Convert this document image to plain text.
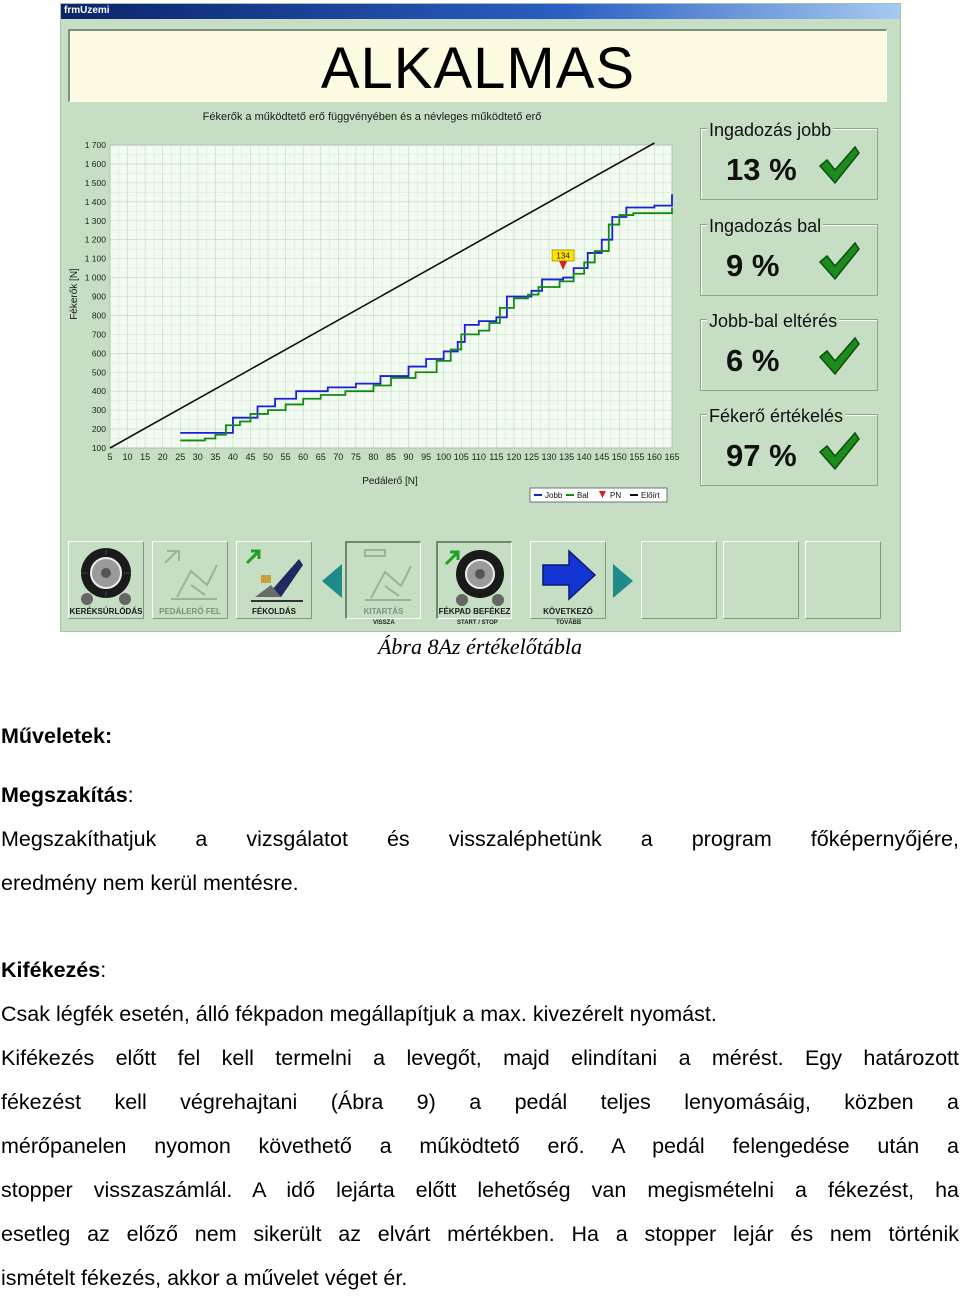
frmUzemi
ALKALMAS
5 10 15 20 25 30 35 40 45 50 55 60 65 70 75 80 85 90 95 100 105 110 115 120 125 130 135 140 145 150 155 160 165
100
200
300
400
500
600
700
800
900
1 000
1 100
1 200
1 300
1 400
1 500
1 600
1 700
Fékerők a működtető erő függvényében és a névleges működtető erő
Pedálerő [N]
Fékerők [N]
Jobb Bal	PN Előírt
134
Ingadozás jobb
13 %
Ingadozás bal
9 %
Jobb-bal eltérés
6 %
Fékerő értékelés
97 %
KERÉKSÚRLÓDÁS	PEDÁLERŐ FEL	FÉKOLDÁS	KITARTÁS
VISSZA
FÉKPAD BEFÉKEZ
START / STOP
KÖVETKEZŐ
TOVÁBB
Ábra 8Az értékelőtábla
Műveletek:
Megszakítás:
Megszakíthatjuk a vizsgálatot és visszaléphetünk a program főképernyőjére,
eredmény nem kerül mentésre.
Kifékezés:
Csak légfék esetén, álló fékpadon megállapítjuk a max. kivezérelt nyomást.
Kifékezés előtt fel kell termelni a levegőt, majd elindítani a mérést. Egy határozott
fékezést kell végrehajtani (Ábra 9) a pedál teljes lenyomásáig, közben a
mérőpanelen nyomon követhető a működtető erő. A pedál felengedése után a
stopper visszaszámlál. A idő lejárta előtt lehetőség van megismételni a fékezést, ha
esetleg az előző nem sikerült az elvárt mértékben. Ha a stopper lejár és nem történik
ismételt fékezés, akkor a művelet véget ér.
